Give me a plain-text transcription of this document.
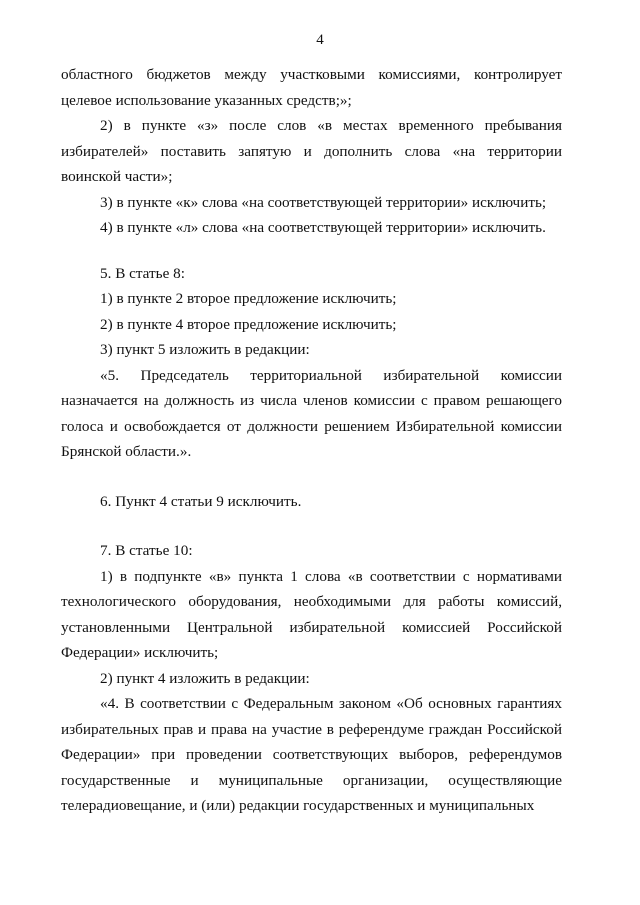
4

областного бюджетов между участковыми комиссиями, контролирует целевое использование указанных средств;»;

2) в пункте «з» после слов «в местах временного пребывания избирателей» поставить запятую и дополнить слова «на территории воинской части»;

3) в пункте «к» слова «на соответствующей территории» исключить;

4) в пункте «л» слова «на соответствующей территории» исключить.

5. В статье 8:

1) в пункте 2 второе предложение исключить;

2) в пункте 4 второе предложение исключить;

3) пункт 5 изложить в редакции:

«5. Председатель территориальной избирательной комиссии назначается на должность из числа членов комиссии с правом решающего голоса и освобождается от должности решением Избирательной комиссии Брянской области.».

6. Пункт 4 статьи 9 исключить.

7. В статье 10:

1) в подпункте «в» пункта 1 слова «в соответствии с нормативами технологического оборудования, необходимыми для работы комиссий, установленными Центральной избирательной комиссией Российской Федерации» исключить;

2) пункт 4 изложить в редакции:

«4. В соответствии с Федеральным законом «Об основных гарантиях избирательных прав и права на участие в референдуме граждан Российской Федерации» при проведении соответствующих выборов, референдумов государственные и муниципальные организации, осуществляющие телерадиовещание, и (или) редакции государственных и муниципальных
